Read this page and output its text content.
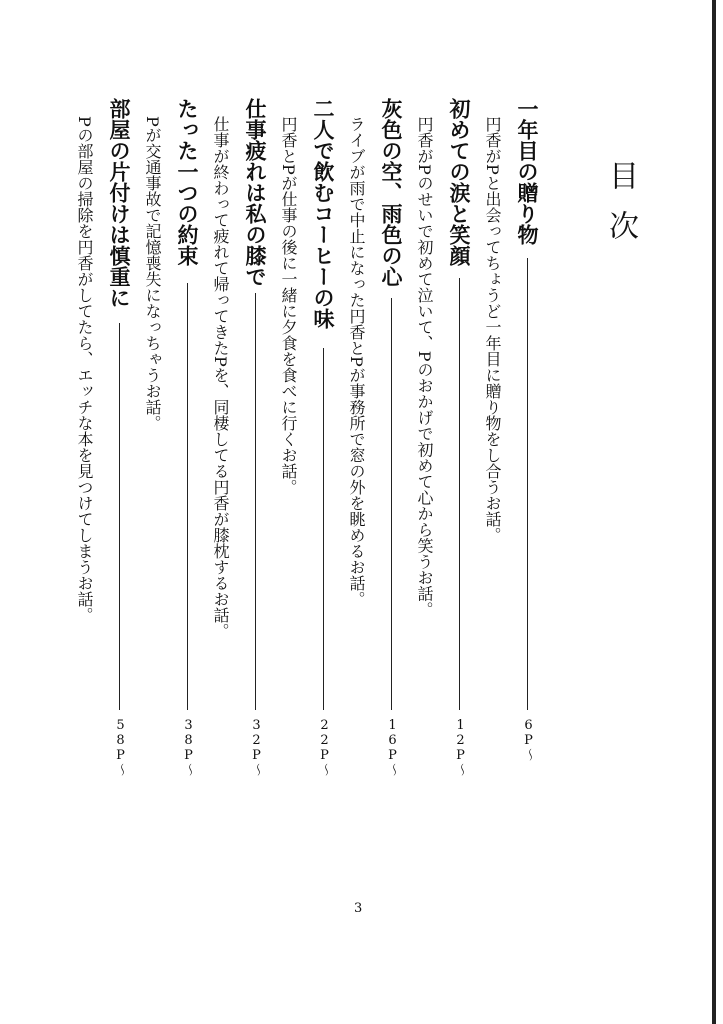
目次
一年目の贈り物
円香がPと出会ってちょうど一年目に贈り物をし合うお話。
6P〜
初めての涙と笑顔
円香がPのせいで初めて泣いて、Pのおかげで初めて心から笑うお話。
12P〜
灰色の空、雨色の心
ライブが雨で中止になった円香とPが事務所で窓の外を眺めるお話。
16P〜
二人で飲むコーヒーの味
円香とPが仕事の後に一緒に夕食を食べに行くお話。
22P〜
仕事疲れは私の膝で
仕事が終わって疲れて帰ってきたPを、同棲してる円香が膝枕するお話。
32P〜
たった一つの約束
Pが交通事故で記憶喪失になっちゃうお話。
38P〜
部屋の片付けは慎重に
Pの部屋の掃除を円香がしてたら、エッチな本を見つけてしまうお話。
58P〜
3
